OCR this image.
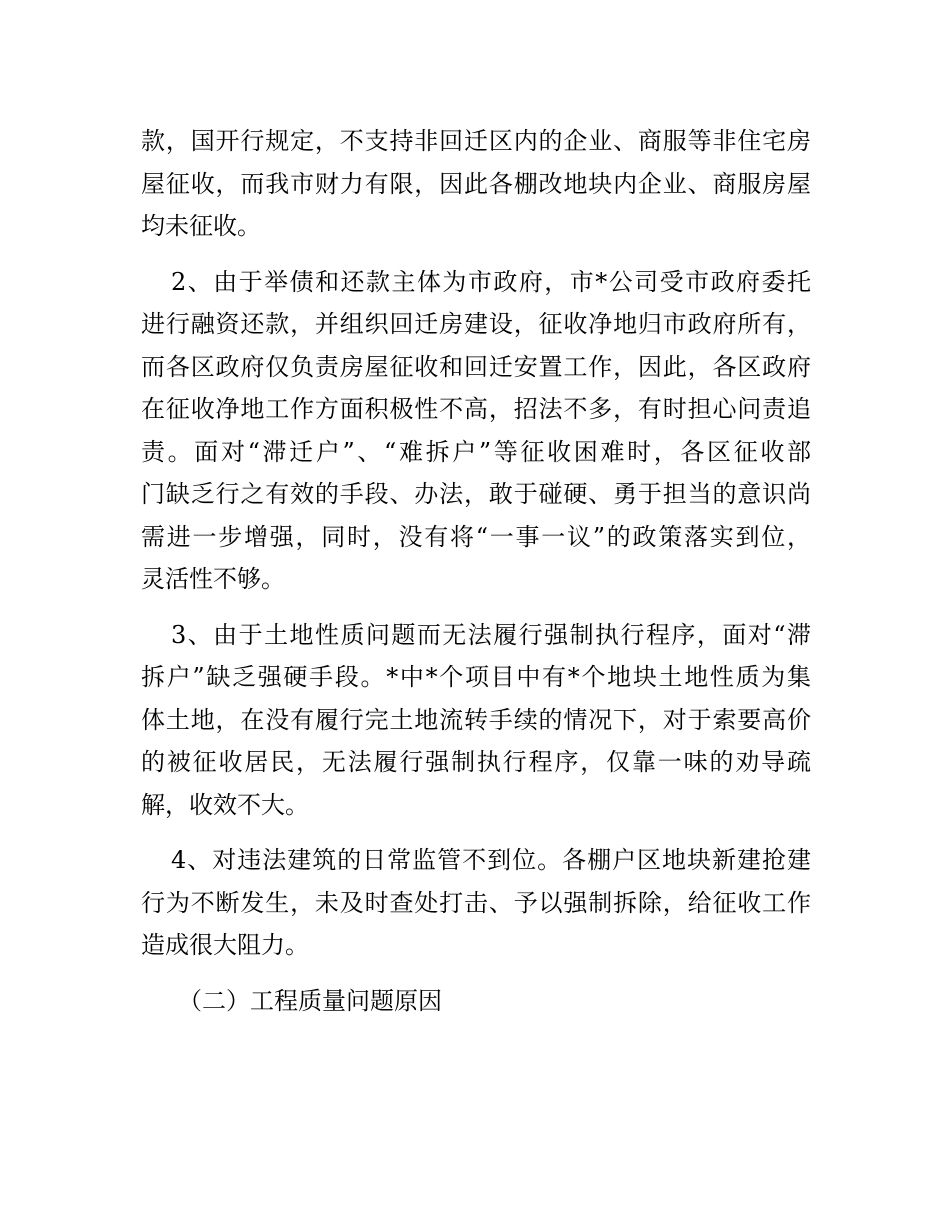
款，国开行规定，不支持非回迁区内的企业、商服等非住宅房
屋征收，而我市财力有限，因此各棚改地块内企业、商服房屋
均未征收。
2、由于举债和还款主体为市政府，市*公司受市政府委托
进行融资还款，并组织回迁房建设，征收净地归市政府所有，
而各区政府仅负责房屋征收和回迁安置工作，因此，各区政府
在征收净地工作方面积极性不高，招法不多，有时担心问责追
责。面对“滞迁户”、“难拆户”等征收困难时，各区征收部
门缺乏行之有效的手段、办法，敢于碰硬、勇于担当的意识尚
需进一步增强，同时，没有将“一事一议”的政策落实到位，
灵活性不够。
3、由于土地性质问题而无法履行强制执行程序，面对“滞
拆户”缺乏强硬手段。*中*个项目中有*个地块土地性质为集
体土地，在没有履行完土地流转手续的情况下，对于索要高价
的被征收居民，无法履行强制执行程序，仅靠一味的劝导疏
解，收效不大。
4、对违法建筑的日常监管不到位。各棚户区地块新建抢建
行为不断发生，未及时查处打击、予以强制拆除，给征收工作
造成很大阻力。
（二）工程质量问题原因
